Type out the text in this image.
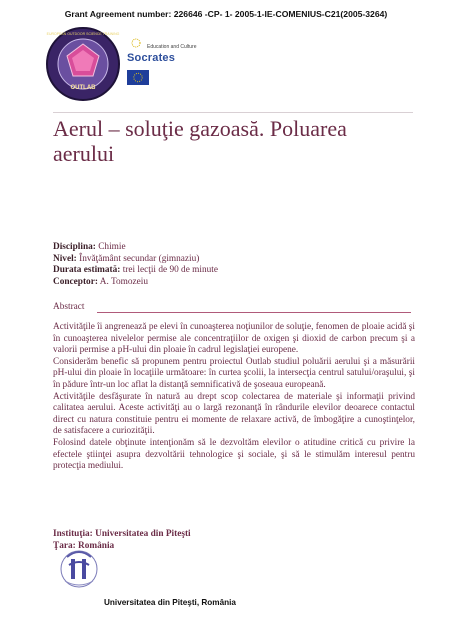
Grant Agreement number: 226646 -CP- 1- 2005-1-IE-COMENIUS-C21(2005-3264)
OUTLAB
EUROPEAN OUTDOOR SCIENCE TRAINING
Education and Culture
Socrates
Aerul – soluţie gazoasă. Poluarea
aerului
Disciplina: Chimie
Nivel: Învăţământ secundar (gimnaziu)
Durata estimată: trei lecţii de 90 de minute
Conceptor: A. Tomozeiu
Abstract

Activităţile îi angrenează pe elevi în cunoaşterea noţiunilor de soluţie, fenomen de ploaie acidă şi în cunoaşterea nivelelor permise ale concentraţiilor de oxigen şi dioxid de carbon precum şi a valorii permise a pH-ului din ploaie în cadrul legislaţiei europene.

Considerăm benefic să propunem pentru proiectul Outlab studiul poluării aerului şi a măsurării pH-ului din ploaie în locaţiile următoare: în curtea şcolii, la intersecţia centrul satului/oraşului, şi în pădure într-un loc aflat la distanţă semnificativă de şoseaua europeană.

Activităţile desfăşurate în natură au drept scop colectarea de materiale şi informaţii privind calitatea aerului. Aceste activităţi au o largă rezonanţă în rândurile elevilor deoarece contactul direct cu natura constituie pentru ei momente de relaxare activă, de îmbogăţire a cunoştinţelor, de satisfacere a curiozităţii.

Folosind datele obţinute intenţionăm să le dezvoltăm elevilor o atitudine critică cu privire la efectele ştiinţei asupra dezvoltării tehnologice şi sociale, şi să le stimulăm interesul pentru protecţia mediului.

Instituţia: Universitatea din Piteşti
Ţara: România
Universitatea din Piteşti, România
